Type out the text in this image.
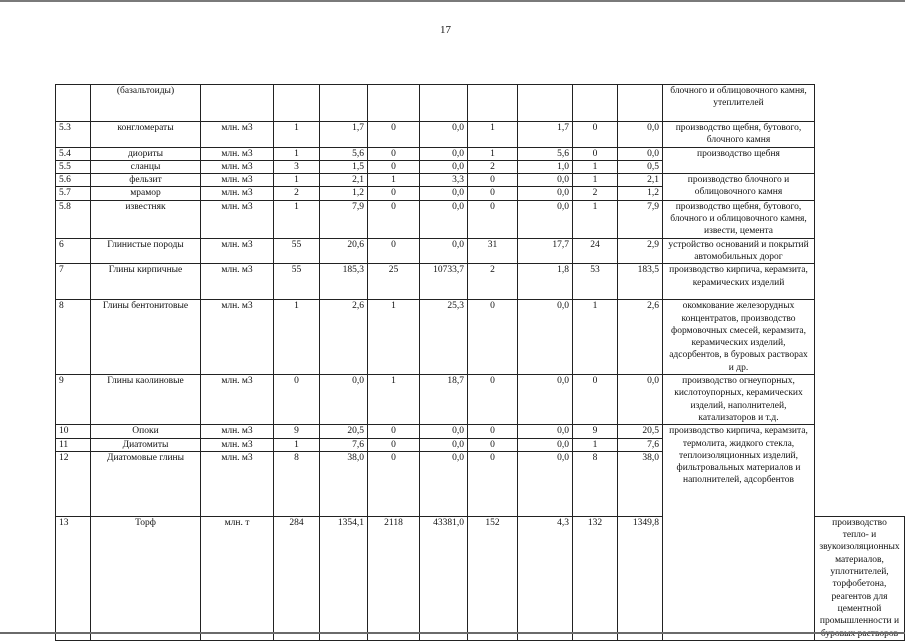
17
	(базальтоиды)										блочного и облицовочного камня, утеплителей	
5.3	конгломераты	млн. м3	1	1,7	0	0,0	1	1,7	0	0,0	производство щебня, бутового, блочного камня	
5.4	диориты	млн. м3	1	5,6	0	0,0	1	5,6	0	0,0	производство щебня	
5.5	сланцы	млн. м3	3	1,5	0	0,0	2	1,0	1	0,5		
5.6	фельзит	млн. м3	1	2,1	1	3,3	0	0,0	1	2,1	производство блочного и облицовочного камня	
5.7	мрамор	млн. м3	2	1,2	0	0,0	0	0,0	2	1,2		
5.8	известняк	млн. м3	1	7,9	0	0,0	0	0,0	1	7,9	производство щебня, бутового, блочного и облицовочного камня, извести, цемента	
6	Глинистые породы	млн. м3	55	20,6	0	0,0	31	17,7	24	2,9	устройство оснований и покрытий автомобильных дорог	
7	Глины кирпичные	млн. м3	55	185,3	25	10733,7	2	1,8	53	183,5	производство кирпича, керамзита, керамических изделий	
8	Глины бентонитовые	млн. м3	1	2,6	1	25,3	0	0,0	1	2,6	окомкование железорудных концентратов, производство формовочных смесей, керамзита, керамических изделий, адсорбентов, в буровых растворах и др.	
9	Глины каолиновые	млн. м3	0	0,0	1	18,7	0	0,0	0	0,0	производство огнеупорных, кислотоупорных, керамических изделий, наполнителей, катализаторов и т.д.	
10	Опоки	млн. м3	9	20,5	0	0,0	0	0,0	9	20,5	производство кирпича, керамзита, термолита, жидкого стекла, теплоизоляционных изделий, фильтровальных материалов и наполнителей, адсорбентов	
11	Диатомиты	млн. м3	1	7,6	0	0,0	0	0,0	1	7,6		
12	Диатомовые глины	млн. м3	8	38,0	0	0,0	0	0,0	8	38,0		
13	Торф	млн. т	284	1354,1	2118	43381,0	152	4,3	132	1349,8		производство тепло- и звукоизоляционных материалов, уплотнителей, торфобетона, реагентов для цементной промышленности и
